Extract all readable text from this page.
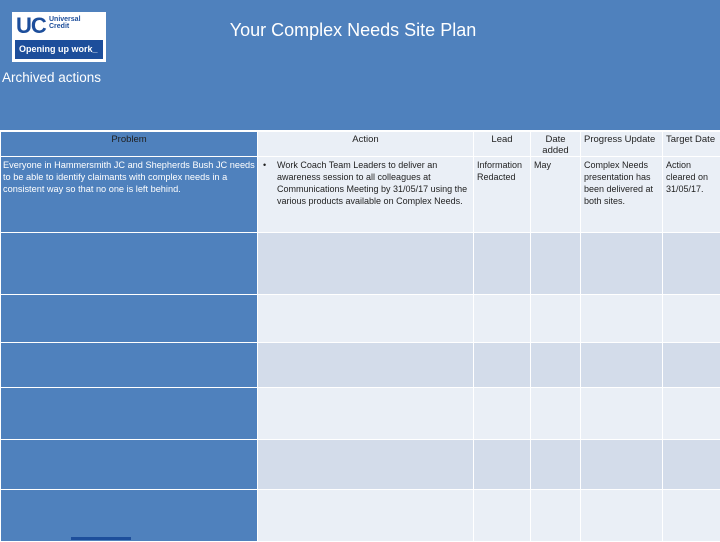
UC Universal Credit
Opening up work_
Your Complex Needs Site Plan
Archived actions
Problem	Action	Lead	Date added	Progress Update	Target Date

Everyone in Hammersmith JC and Shepherds Bush JC needs to be able to identify claimants with complex needs in a consistent way so that no one is left behind.	• Work Coach Team Leaders to deliver an awareness session to all colleagues at Communications Meeting by 31/05/17 using the various products available on Complex Needs.	Information Redacted	May	Complex Needs presentation has been delivered at both sites.	Action cleared on 31/05/17.
